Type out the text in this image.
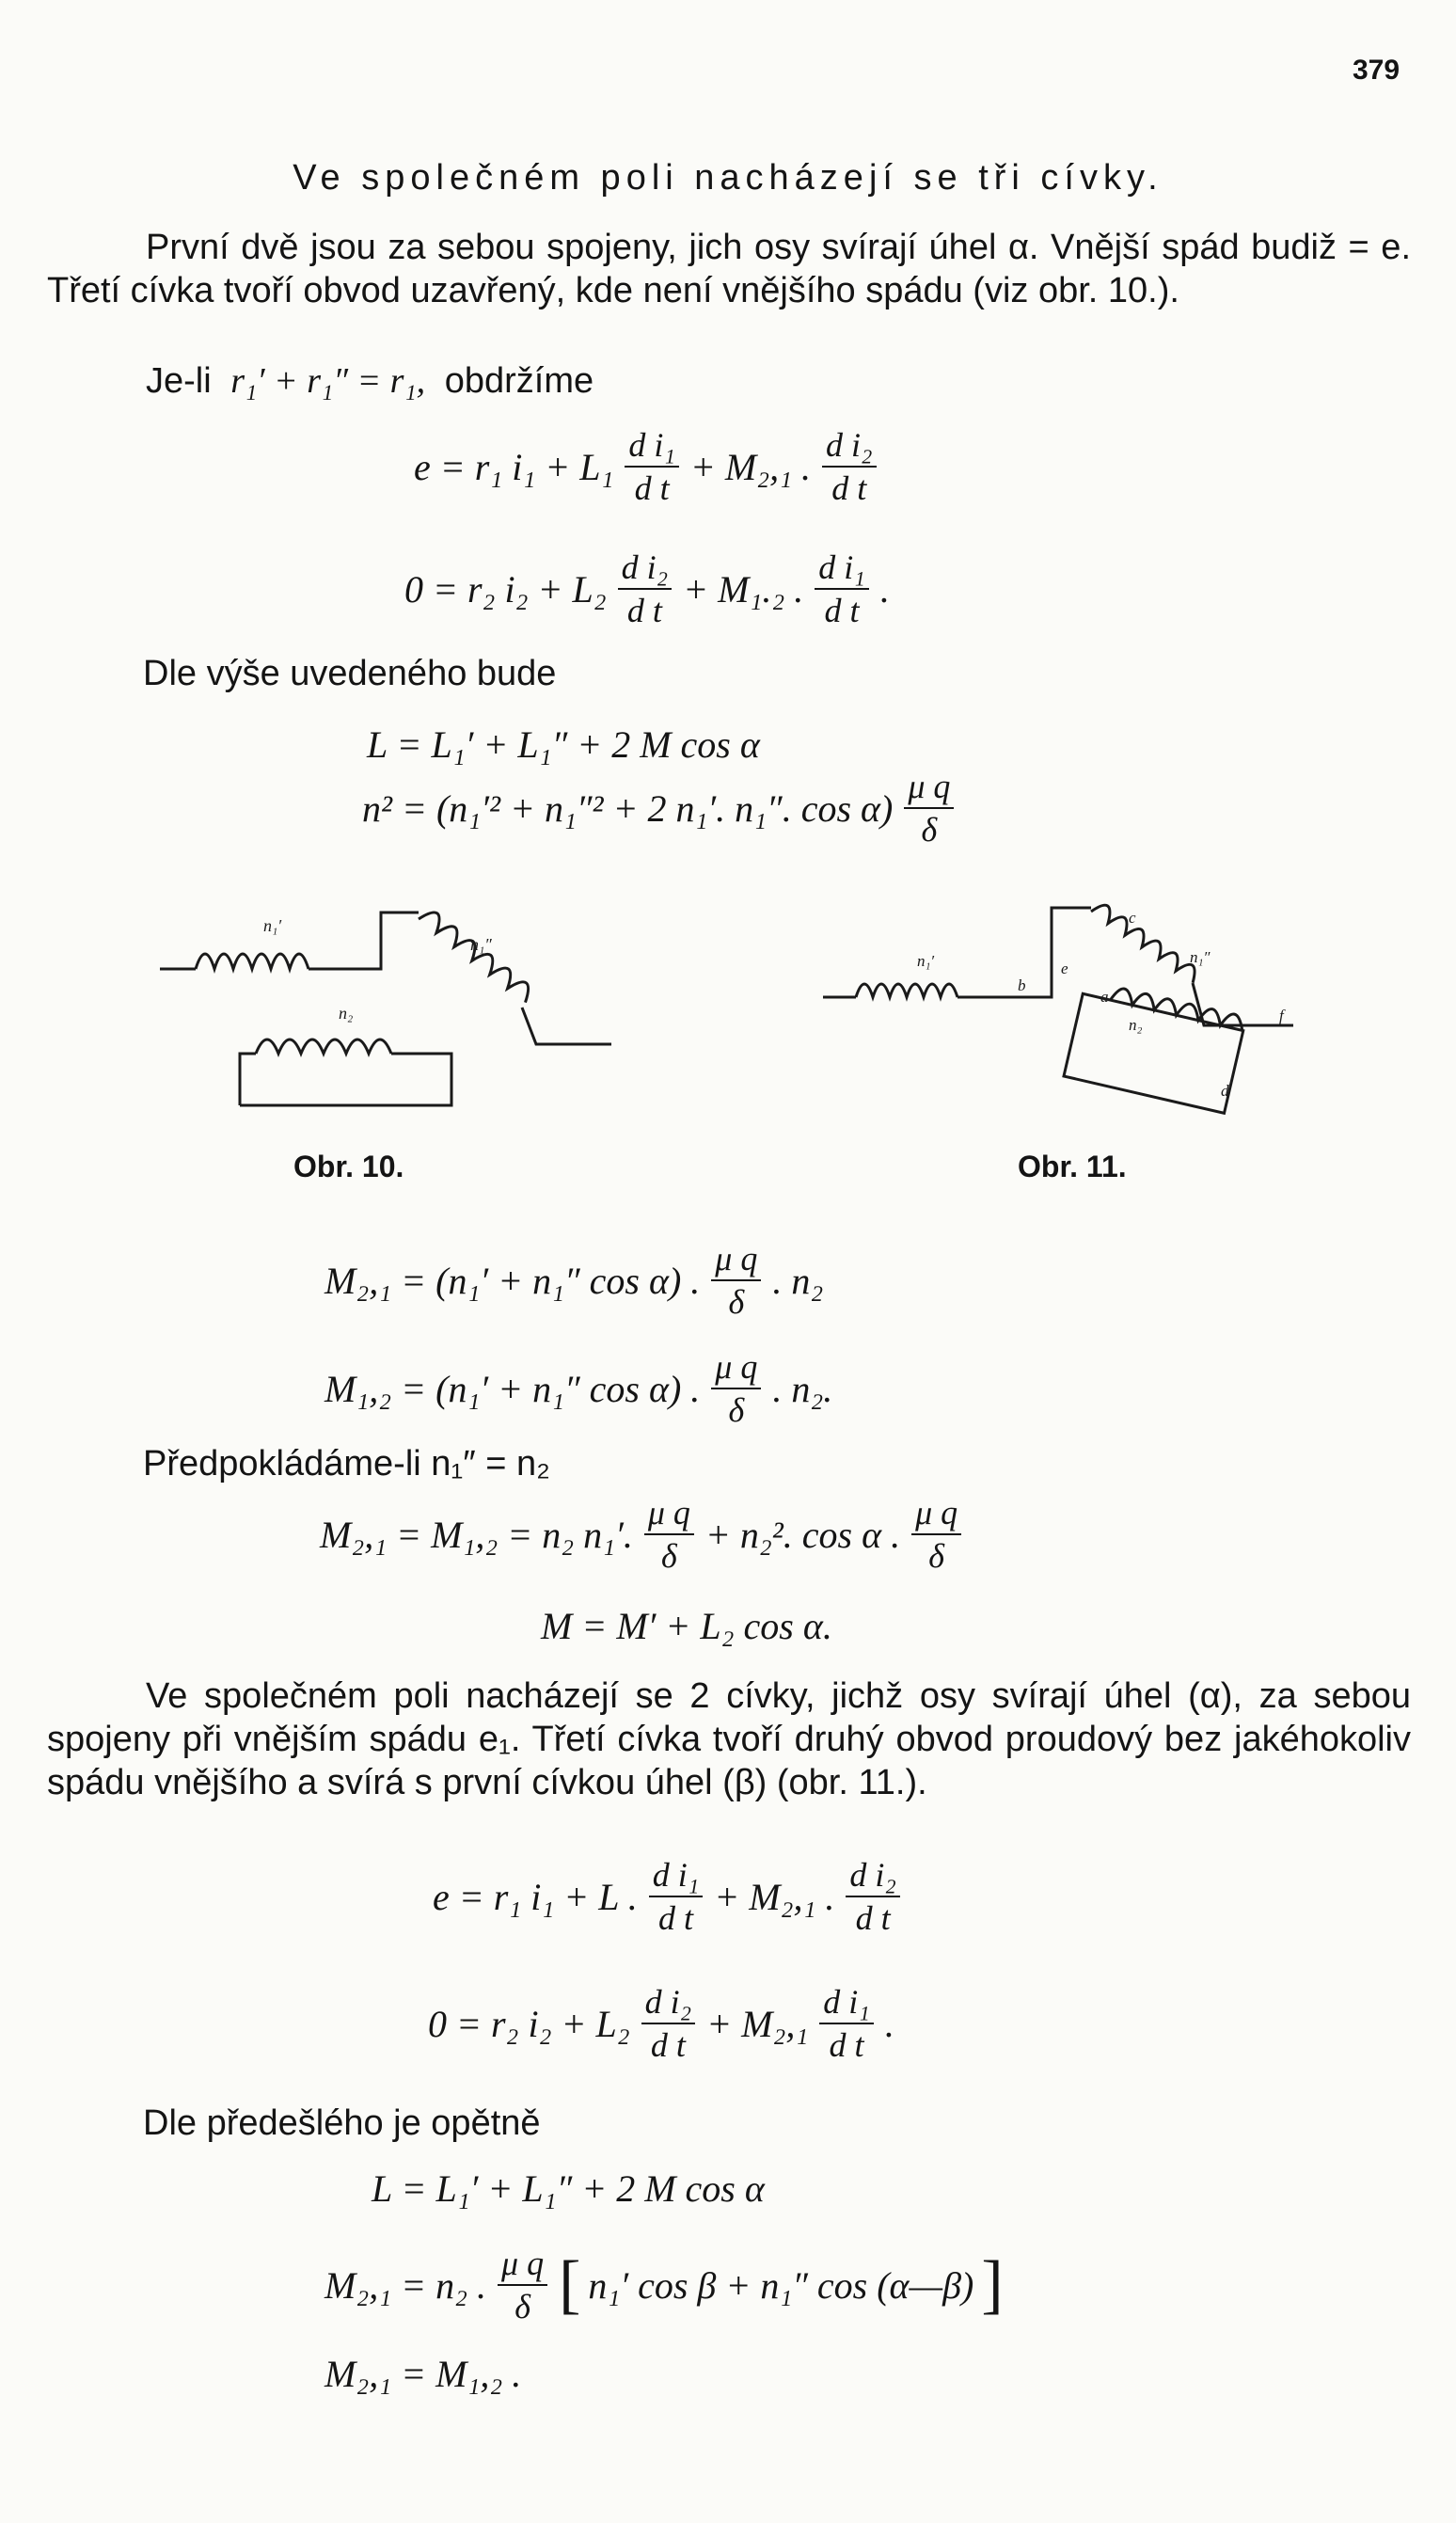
379
Ve společném poli nacházejí se tři cívky.
První dvě jsou za sebou spojeny, jich osy svírají úhel α. Vnější spád budiž = e. Třetí cívka tvoří obvod uzavřený, kde není vnějšího spádu (viz obr. 10.).
Je-li r₁′ + r₁″ = r₁, obdržíme
e = r₁ $i_1 + L_1 \frac{\text{d i₁}}{\text{d t}} + M_2,_1$ . $\frac{\text{d i₂}}{\text{d t}}$
0 = r₂ $i_2 + L_2 \frac{\text{d i₂}}{\text{d t}} + M_1._2$ . $\frac{\text{d i₁}}{\text{d t}}$ .
Dle výše uvedeného bude
L = L₁′ + L₁″ + 2 M cos α
n² = (n₁′² + n₁″² + 2 n₁′. n₁″. $\cos \alpha) \frac{\text{μ q}}{\delta}$
n₁′
n₁″
n₂
Obr. 10.
n₁′	n₁″
n₂
a
b
c
d
e
f
Obr. 11.
M₂,₁ = (n₁′ + n₁″ cos α) . $\frac{\text{μ q}}{\delta}$ . n₂
M₁,₂ = (n₁′ + n₁″ cos α) . $\frac{\text{μ q}}{\delta}$ . n₂.
Předpokládáme-li n₁″ = n₂
M₂,₁ = M₁,₂ = n₂ n₁′. $\frac{\text{μ q}}{\delta} + n_2^2$. cos α . $\frac{\text{μ q}}{\delta}$
M = M′ + L₂ cos α.
Ve společném poli nacházejí se 2 cívky, jichž osy svírají úhel (α), za sebou spojeny při vnějším spádu e₁. Třetí cívka tvoří druhý obvod proudový bez jakéhokoliv spádu vnějšího a svírá s první cívkou úhel (β) (obr. 11.).
e = r₁ i₁ + L . $\frac{\text{d i₁}}{\text{d t}} + M_2,_1$ . $\frac{\text{d i₂}}{\text{d t}}$
0 = r₂ $i_2 + L_2 \frac{\text{d i₂}}{\text{d t}} + M_2,_1 \frac{\text{d i₁}}{\text{d t}}$ .
Dle předešlého je opětně
L = L₁′ + L₁″ + 2 M cos α
M₂,₁ = n₂ . $\frac{\text{μ q}}{\delta}$ [ n₁′ cos β + n₁″ cos (α—β) ]
M₂,₁ = M₁,₂ .
